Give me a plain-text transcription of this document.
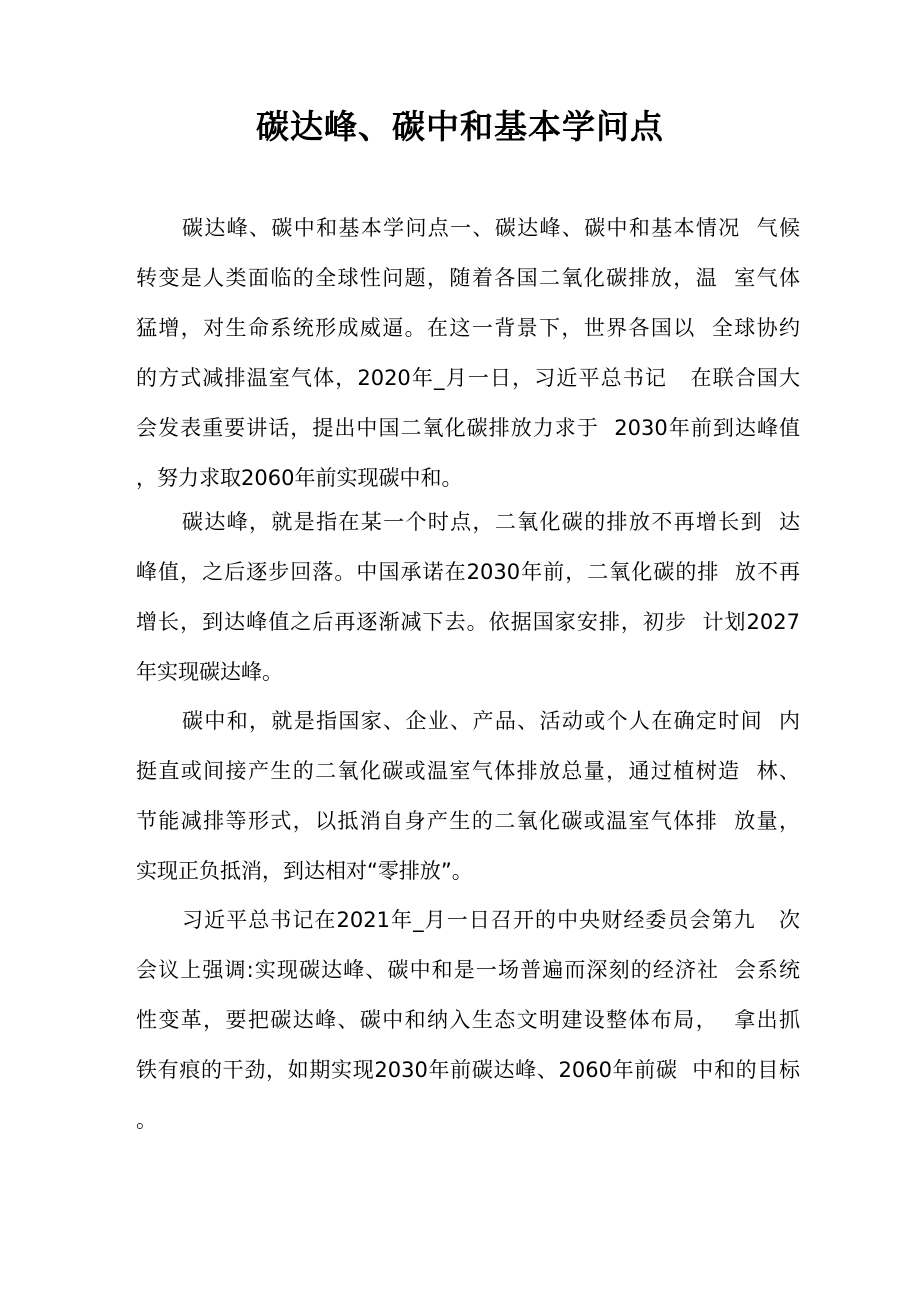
碳达峰、碳中和基本学问点
碳达峰、碳中和基本学问点一、碳达峰、碳中和基本情况  气候
转变是人类面临的全球性问题，随着各国二氧化碳排放，温  室气体
猛增，对生命系统形成威逼。在这一背景下，世界各国以  全球协约
的方式减排温室气体，2020年_月一日，习近平总书记   在联合国大
会发表重要讲话，提出中国二氧化碳排放力求于  2030年前到达峰值
，努力求取2060年前实现碳中和。
碳达峰，就是指在某一个时点，二氧化碳的排放不再增长到  达
峰值，之后逐步回落。中国承诺在2030年前，二氧化碳的排  放不再
增长，到达峰值之后再逐渐减下去。依据国家安排，初步  计划2027
年实现碳达峰。
碳中和，就是指国家、企业、产品、活动或个人在确定时间  内
挺直或间接产生的二氧化碳或温室气体排放总量，通过植树造  林、
节能减排等形式，以抵消自身产生的二氧化碳或温室气体排  放量，
实现正负抵消，到达相对“零排放”。
习近平总书记在2021年_月一日召开的中央财经委员会第九   次
会议上强调:实现碳达峰、碳中和是一场普遍而深刻的经济社  会系统
性变革，要把碳达峰、碳中和纳入生态文明建设整体布局，  拿出抓
铁有痕的干劲，如期实现2030年前碳达峰、2060年前碳  中和的目标
。
